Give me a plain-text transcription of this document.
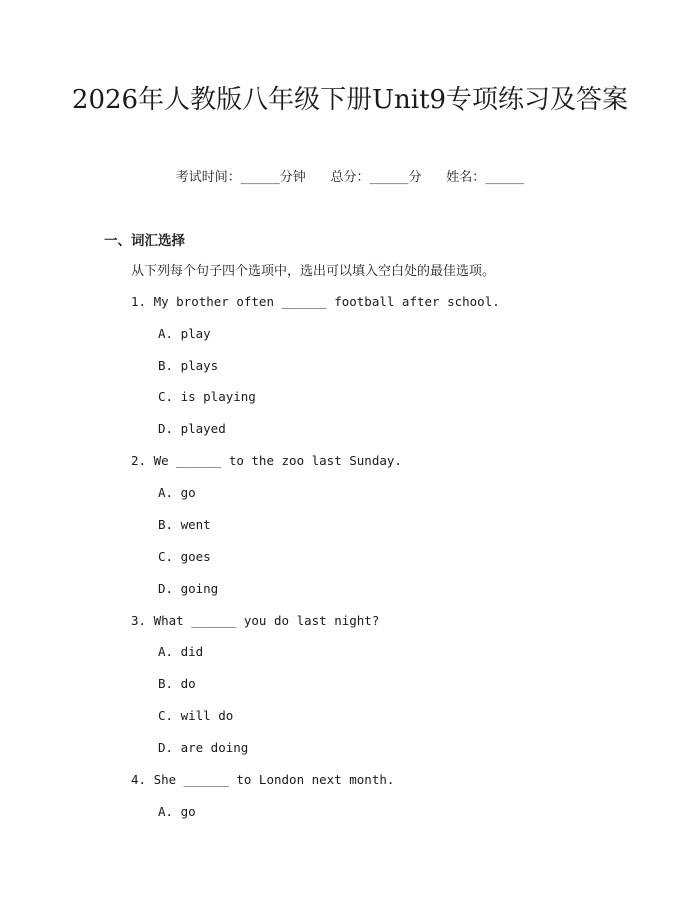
2026年人教版八年级下册Unit9专项练习及答案
考试时间：______分钟      总分：______分      姓名：______
一、词汇选择

从下列每个句子四个选项中，选出可以填入空白处的最佳选项。

1. My brother often ______ football after school.
A. play
B. plays
C. is playing
D. played
2. We ______ to the zoo last Sunday.
A. go
B. went
C. goes
D. going
3. What ______ you do last night?
A. did
B. do
C. will do
D. are doing
4. She ______ to London next month.
A. go
